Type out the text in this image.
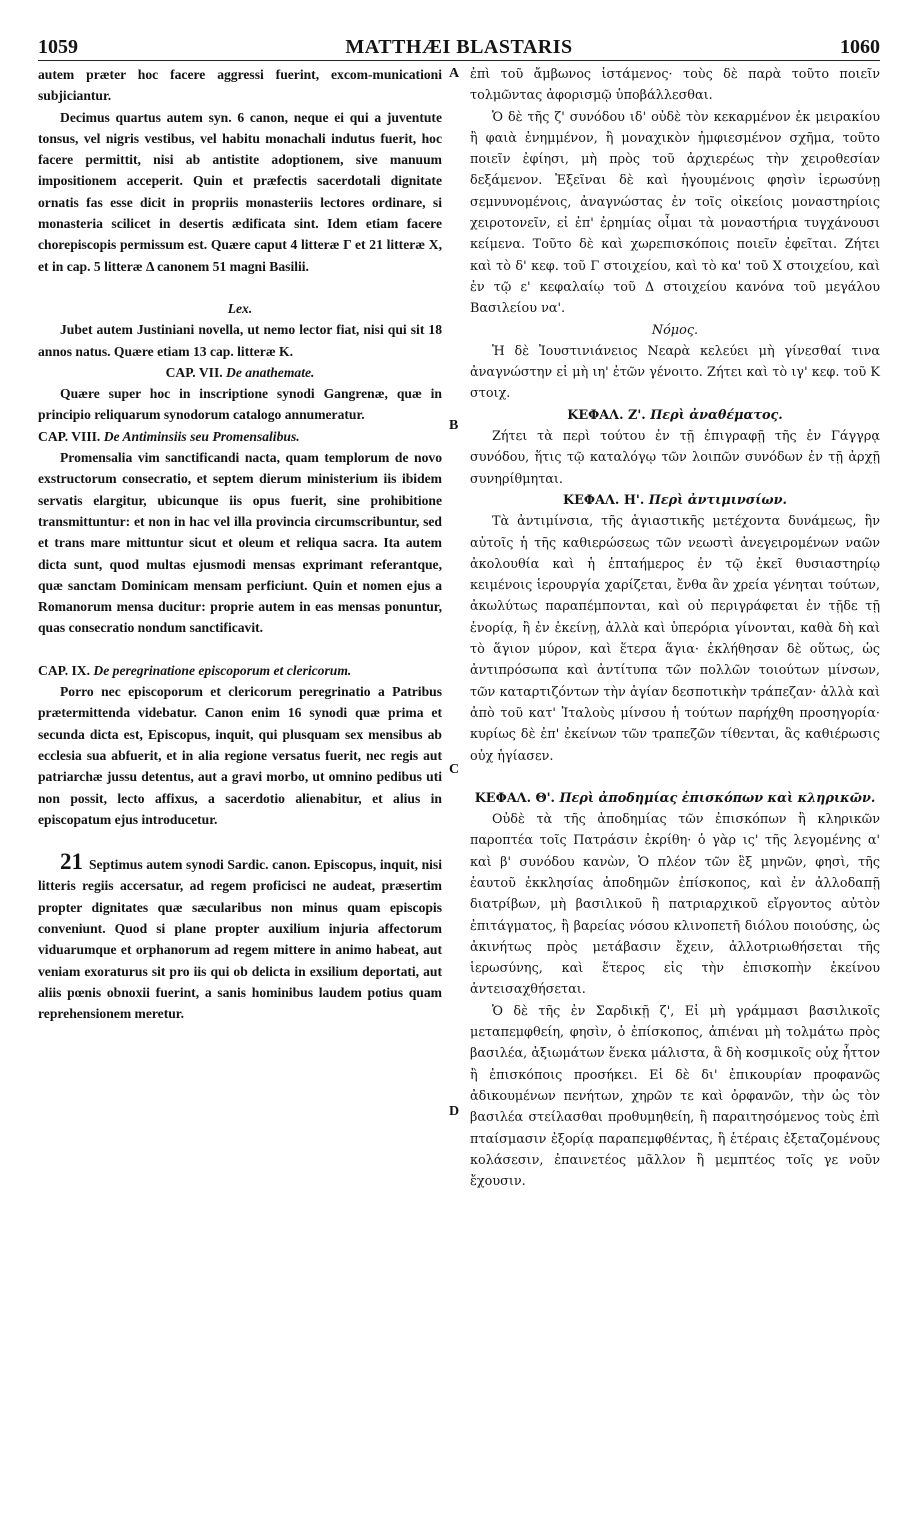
1059	MATTHÆI BLASTARIS	1060
A
B
C
D

autem præter hoc facere aggressi fuerint, excom-municationi subjiciantur.

Decimus quartus autem syn. 6 canon, neque ei qui a juventute tonsus, vel nigris vestibus, vel habitu monachali indutus fuerit, hoc facere permittit, nisi ab antistite adoptionem, sive manuum impositionem acceperit. Quin et præfectis sacerdotali dignitate ornatis fas esse dicit in propriis monasteriis lectores ordinare, si monasteria scilicet in desertis ædificata sint. Idem etiam facere chorepiscopis permissum est. Quære caput 4 litteræ Γ et 21 litteræ X, et in cap. 5 litteræ Δ canonem 51 magni Basilii.

Lex.

Jubet autem Justiniani novella, ut nemo lector fiat, nisi qui sit 18 annos natus. Quære etiam 13 cap. litteræ K.

CAP. VII. De anathemate.

Quære super hoc in inscriptione synodi Gangrenæ, quæ in principio reliquarum synodorum catalogo annumeratur.

CAP. VIII. De Antiminsiis seu Promensalibus.

Promensalia vim sanctificandi nacta, quam templorum de novo exstructorum consecratio, et septem dierum ministerium iis ibidem servatis elargitur, ubicunque iis opus fuerit, sine prohibitione transmittuntur: et non in hac vel illa provincia circumscribuntur, sed et trans mare mittuntur sicut et oleum et reliqua sacra. Ita autem dicta sunt, quod multas ejusmodi mensas exprimant referantque, quæ sanctam Dominicam mensam perficiunt. Quin et nomen ejus a Romanorum mensa ducitur: proprie autem in eas mensas ponuntur, quas consecratio nondum sanctificavit.

CAP. IX. De peregrinatione episcoporum et clericorum.

Porro nec episcoporum et clericorum peregrinatio a Patribus prætermittenda videbatur. Canon enim 16 synodi quæ prima et secunda dicta est, Episcopus, inquit, qui plusquam sex mensibus ab ecclesia sua abfuerit, et in alia regione versatus fuerit, nec regis aut patriarchæ jussu detentus, aut a gravi morbo, ut omnino pedibus uti non possit, lecto affixus, a sacerdotio alienabitur, et alius in episcopatum ejus introducetur.

21 Septimus autem synodi Sardic. canon. Episcopus, inquit, nisi litteris regiis accersatur, ad regem proficisci ne audeat, præsertim propter dignitates quæ sæcularibus non minus quam episcopis conveniunt. Quod si plane propter auxilium injuria affectorum viduarumque et orphanorum ad regem mittere in animo habeat, aut veniam exoraturus sit pro iis qui ob delicta in exsilium deportati, aut aliis pœnis obnoxii fuerint, a sanis hominibus laudem potius quam reprehensionem meretur.

ἐπὶ τοῦ ἄμβωνος ἱστάμενος· τοὺς δὲ παρὰ τοῦτο ποιεῖν τολμῶντας ἀφορισμῷ ὑποβάλλεσθαι.

Ὁ δὲ τῆς ζ' συνόδου ιδ' οὐδὲ τὸν κεκαρμένον ἐκ μειρακίου ἢ φαιὰ ἐνημμένον, ἢ μοναχικὸν ἠμφιεσμένον σχῆμα, τοῦτο ποιεῖν ἐφίησι, μὴ πρὸς τοῦ ἀρχιερέως τὴν χειροθεσίαν δεξάμενον. Ἐξεῖναι δὲ καὶ ἡγουμένοις φησὶν ἱερωσύνῃ σεμνυνομένοις, ἀναγνώστας ἐν τοῖς οἰκείοις μοναστηρίοις χειροτονεῖν, εἰ ἐπ' ἐρημίας οἶμαι τὰ μοναστήρια τυγχάνουσι κείμενα. Τοῦτο δὲ καὶ χωρεπισκόποις ποιεῖν ἐφεῖται. Ζήτει καὶ τὸ δ' κεφ. τοῦ Γ στοιχείου, καὶ τὸ κα' τοῦ Χ στοιχείου, καὶ ἐν τῷ ε' κεφαλαίῳ τοῦ Δ στοιχείου κανόνα τοῦ μεγάλου Βασιλείου να'.

Νόμος.

Ἡ δὲ Ἰουστινιάνειος Νεαρὰ κελεύει μὴ γίνεσθαί τινα ἀναγνώστην εἰ μὴ ιη' ἐτῶν γένοιτο. Ζήτει καὶ τὸ ιγ' κεφ. τοῦ Κ στοιχ.

ΚΕΦΑΛ. Ζ'. Περὶ ἀναθέματος.

Ζήτει τὰ περὶ τούτου ἐν τῇ ἐπιγραφῇ τῆς ἐν Γάγγρᾳ συνόδου, ἥτις τῷ καταλόγῳ τῶν λοιπῶν συνόδων ἐν τῇ ἀρχῇ συνηρίθμηται.

ΚΕΦΑΛ. Η'. Περὶ ἀντιμινσίων.

Τὰ ἀντιμίνσια, τῆς ἁγιαστικῆς μετέχοντα δυνάμεως, ἣν αὐτοῖς ἡ τῆς καθιερώσεως τῶν νεωστὶ ἀνεγειρομένων ναῶν ἀκολουθία καὶ ἡ ἑπταήμερος ἐν τῷ ἐκεῖ θυσιαστηρίῳ κειμένοις ἱερουργία χαρίζεται, ἔνθα ἂν χρεία γένηται τούτων, ἀκωλύτως παραπέμπονται, καὶ οὐ περιγράφεται ἐν τῇδε τῇ ἐνορίᾳ, ἢ ἐν ἐκείνῃ, ἀλλὰ καὶ ὑπερόρια γίνονται, καθὰ δὴ καὶ τὸ ἅγιον μύρον, καὶ ἕτερα ἅγια· ἐκλήθησαν δὲ οὕτως, ὡς ἀντιπρόσωπα καὶ ἀντίτυπα τῶν πολλῶν τοιούτων μίνσων, τῶν καταρτιζόντων τὴν ἁγίαν δεσποτικὴν τράπεζαν· ἀλλὰ καὶ ἀπὸ τοῦ κατ' Ἰταλοὺς μίνσου ἡ τούτων παρήχθη προσηγορία· κυρίως δὲ ἐπ' ἐκείνων τῶν τραπεζῶν τίθενται, ἃς καθιέρωσις οὐχ ἡγίασεν.

ΚΕΦΑΛ. Θ'. Περὶ ἀποδημίας ἐπισκόπων καὶ κληρικῶν.

Οὐδὲ τὰ τῆς ἀποδημίας τῶν ἐπισκόπων ἢ κληρικῶν παροπτέα τοῖς Πατράσιν ἐκρίθη· ὁ γὰρ ις' τῆς λεγομένης α' καὶ β' συνόδου κανὼν, Ὁ πλέον τῶν ἓξ μηνῶν, φησὶ, τῆς ἑαυτοῦ ἐκκλησίας ἀποδημῶν ἐπίσκοπος, καὶ ἐν ἀλλοδαπῇ διατρίβων, μὴ βασιλικοῦ ἢ πατριαρχικοῦ εἴργοντος αὐτὸν ἐπιτάγματος, ἢ βαρείας νόσου κλινοπετῆ διόλου ποιούσης, ὡς ἀκινήτως πρὸς μετάβασιν ἔχειν, ἀλλοτριωθήσεται τῆς ἱερωσύνης, καὶ ἕτερος εἰς τὴν ἐπισκοπὴν ἐκείνου ἀντεισαχθήσεται.

Ὁ δὲ τῆς ἐν Σαρδικῇ ζ', Εἰ μὴ γράμμασι βασιλικοῖς μεταπεμφθείη, φησὶν, ὁ ἐπίσκοπος, ἀπιέναι μὴ τολμάτω πρὸς βασιλέα, ἀξιωμάτων ἕνεκα μάλιστα, ἃ δὴ κοσμικοῖς οὐχ ἧττον ἢ ἐπισκόποις προσήκει. Εἰ δὲ δι' ἐπικουρίαν προφανῶς ἀδικουμένων πενήτων, χηρῶν τε καὶ ὀρφανῶν, τὴν ὡς τὸν βασιλέα στείλασθαι προθυμηθείη, ἢ παραιτησόμενος τοὺς ἐπὶ πταίσμασιν ἐξορίᾳ παραπεμφθέντας, ἢ ἑτέραις ἐξεταζομένους κολάσεσιν, ἐπαινετέος μᾶλλον ἢ μεμπτέος τοῖς γε νοῦν ἔχουσιν.
